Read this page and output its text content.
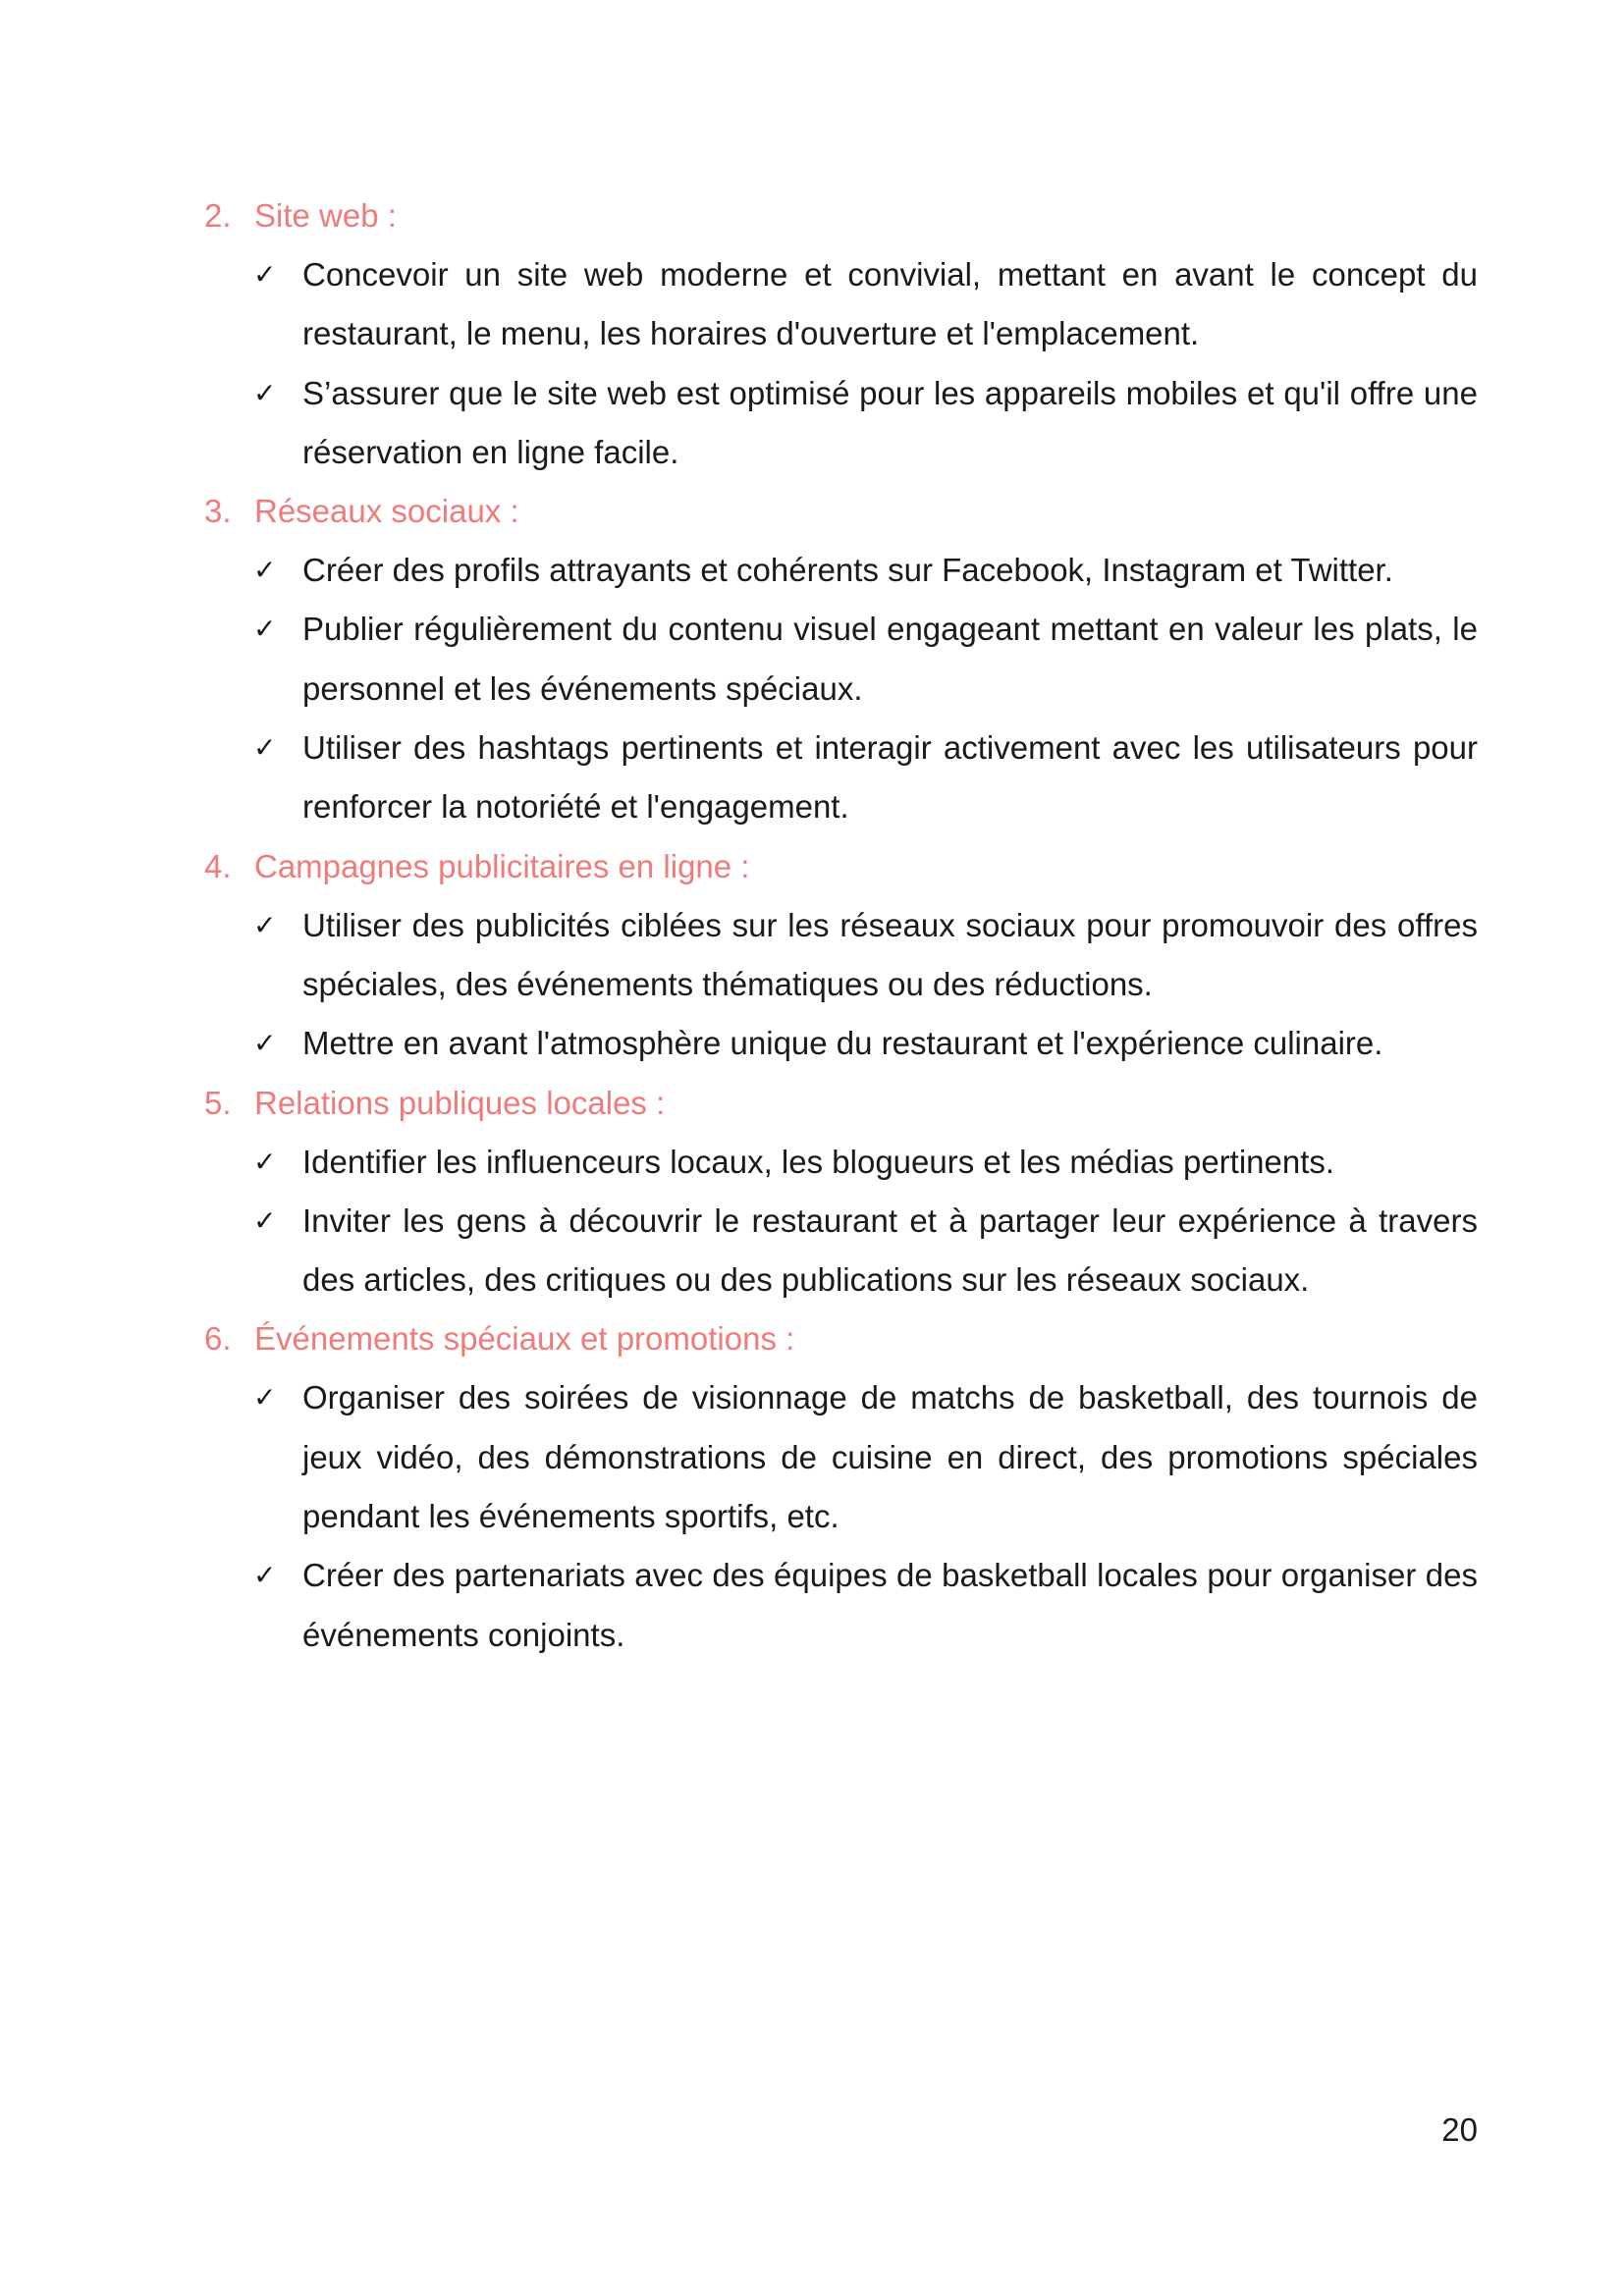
2. Site web :
✓ Concevoir un site web moderne et convivial, mettant en avant le concept du restaurant, le menu, les horaires d'ouverture et l'emplacement.
✓ S’assurer que le site web est optimisé pour les appareils mobiles et qu'il offre une réservation en ligne facile.
3. Réseaux sociaux :
✓ Créer des profils attrayants et cohérents sur Facebook, Instagram et Twitter.
✓ Publier régulièrement du contenu visuel engageant mettant en valeur les plats, le personnel et les événements spéciaux.
✓ Utiliser des hashtags pertinents et interagir activement avec les utilisateurs pour renforcer la notoriété et l'engagement.
4. Campagnes publicitaires en ligne :
✓ Utiliser des publicités ciblées sur les réseaux sociaux pour promouvoir des offres spéciales, des événements thématiques ou des réductions.
✓ Mettre en avant l'atmosphère unique du restaurant et l'expérience culinaire.
5. Relations publiques locales :
✓ Identifier les influenceurs locaux, les blogueurs et les médias pertinents.
✓ Inviter les gens à découvrir le restaurant et à partager leur expérience à travers des articles, des critiques ou des publications sur les réseaux sociaux.
6. Événements spéciaux et promotions :
✓ Organiser des soirées de visionnage de matchs de basketball, des tournois de jeux vidéo, des démonstrations de cuisine en direct, des promotions spéciales pendant les événements sportifs, etc.
✓ Créer des partenariats avec des équipes de basketball locales pour organiser des événements conjoints.
20
